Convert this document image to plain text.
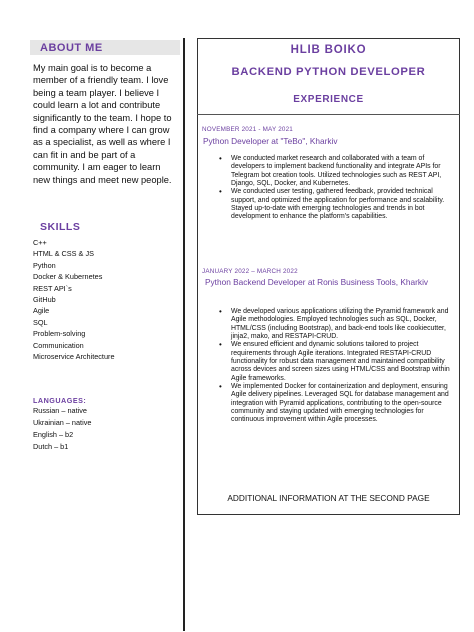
ABOUT ME
My main goal is to become a member of a friendly team. I love being a team player. I believe I could learn a lot and contribute significantly to the team. I hope to find a company where I can grow as a specialist, as well as where I can fit in and be part of a community. I am eager to learn new things and meet new people.
SKILLS
C++
HTML & CSS & JS
Python
Docker & Kubernetes
REST API`s
GitHub
Agile
SQL
Problem-solving
Communication
Microservice Architecture
LANGUAGES:
Russian – native
Ukrainian – native
English – b2
Dutch – b1
HLIB BOIKO
BACKEND PYTHON DEVELOPER
EXPERIENCE
NOVEMBER 2021 - MAY 2021
Python Developer at "TeBo", Kharkiv
• We conducted market research and collaborated with a team of developers to implement backend functionality and integrate APIs for Telegram bot creation tools. Utilized technologies such as REST API, Django, SQL, Docker, and Kubernetes.
• We conducted user testing, gathered feedback, provided technical support, and optimized the application for performance and scalability. Stayed up-to-date with emerging technologies and trends in bot development to enhance the platform's capabilities.
JANUARY 2022 – MARCH 2022
Python Backend Developer at Ronis Business Tools, Kharkiv
• We developed various applications utilizing the Pyramid framework and Agile methodologies. Employed technologies such as SQL, Docker, HTML/CSS (including Bootstrap), and back-end tools like cookiecutter, jinja2, mako, and RESTAPI-CRUD.
• We ensured efficient and dynamic solutions tailored to project requirements through Agile iterations. Integrated RESTAPI-CRUD functionality for robust data management and maintained compatibility across devices and screen sizes using HTML/CSS and Bootstrap within Agile frameworks.
• We implemented Docker for containerization and deployment, ensuring Agile delivery pipelines. Leveraged SQL for database management and integration with Pyramid applications, contributing to the open-source community and staying updated with emerging technologies for continuous improvement within Agile processes.
ADDITIONAL INFORMATION AT THE SECOND PAGE
